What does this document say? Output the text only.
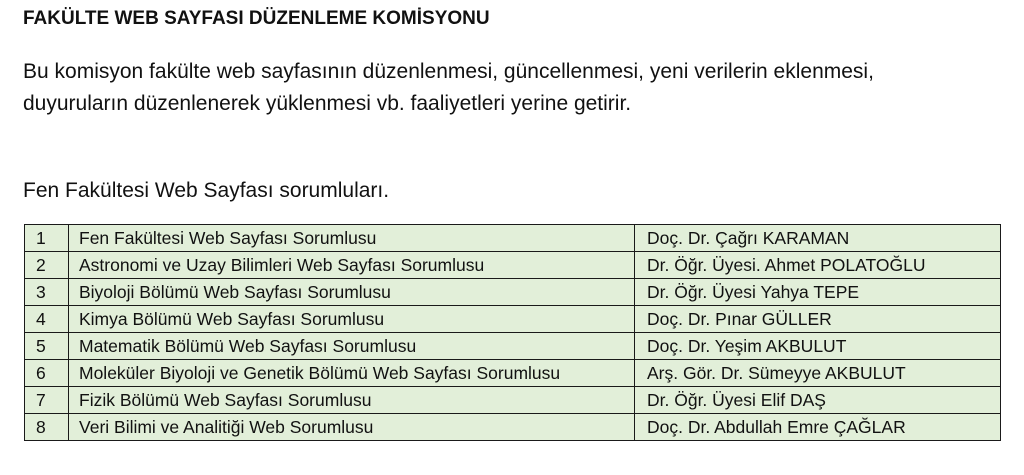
FAKÜLTE WEB SAYFASI DÜZENLEME KOMİSYONU
Bu komisyon fakülte web sayfasının düzenlenmesi, güncellenmesi, yeni verilerin eklenmesi,
duyuruların düzenlenerek yüklenmesi vb. faaliyetleri yerine getirir.
Fen Fakültesi Web Sayfası sorumluları.
1	Fen Fakültesi Web Sayfası Sorumlusu	Doç. Dr. Çağrı KARAMAN
2	Astronomi ve Uzay Bilimleri Web Sayfası Sorumlusu	Dr. Öğr. Üyesi. Ahmet POLATOĞLU
3	Biyoloji Bölümü Web Sayfası Sorumlusu	Dr. Öğr. Üyesi Yahya TEPE
4	Kimya Bölümü Web Sayfası Sorumlusu	Doç. Dr. Pınar GÜLLER
5	Matematik Bölümü Web Sayfası Sorumlusu	Doç. Dr. Yeşim AKBULUT
6	Moleküler Biyoloji ve Genetik Bölümü Web Sayfası Sorumlusu	Arş. Gör. Dr. Sümeyye AKBULUT
7	Fizik Bölümü Web Sayfası Sorumlusu	Dr. Öğr. Üyesi Elif DAŞ
8	Veri Bilimi ve Analitiği Web Sorumlusu	Doç. Dr. Abdullah Emre ÇAĞLAR
